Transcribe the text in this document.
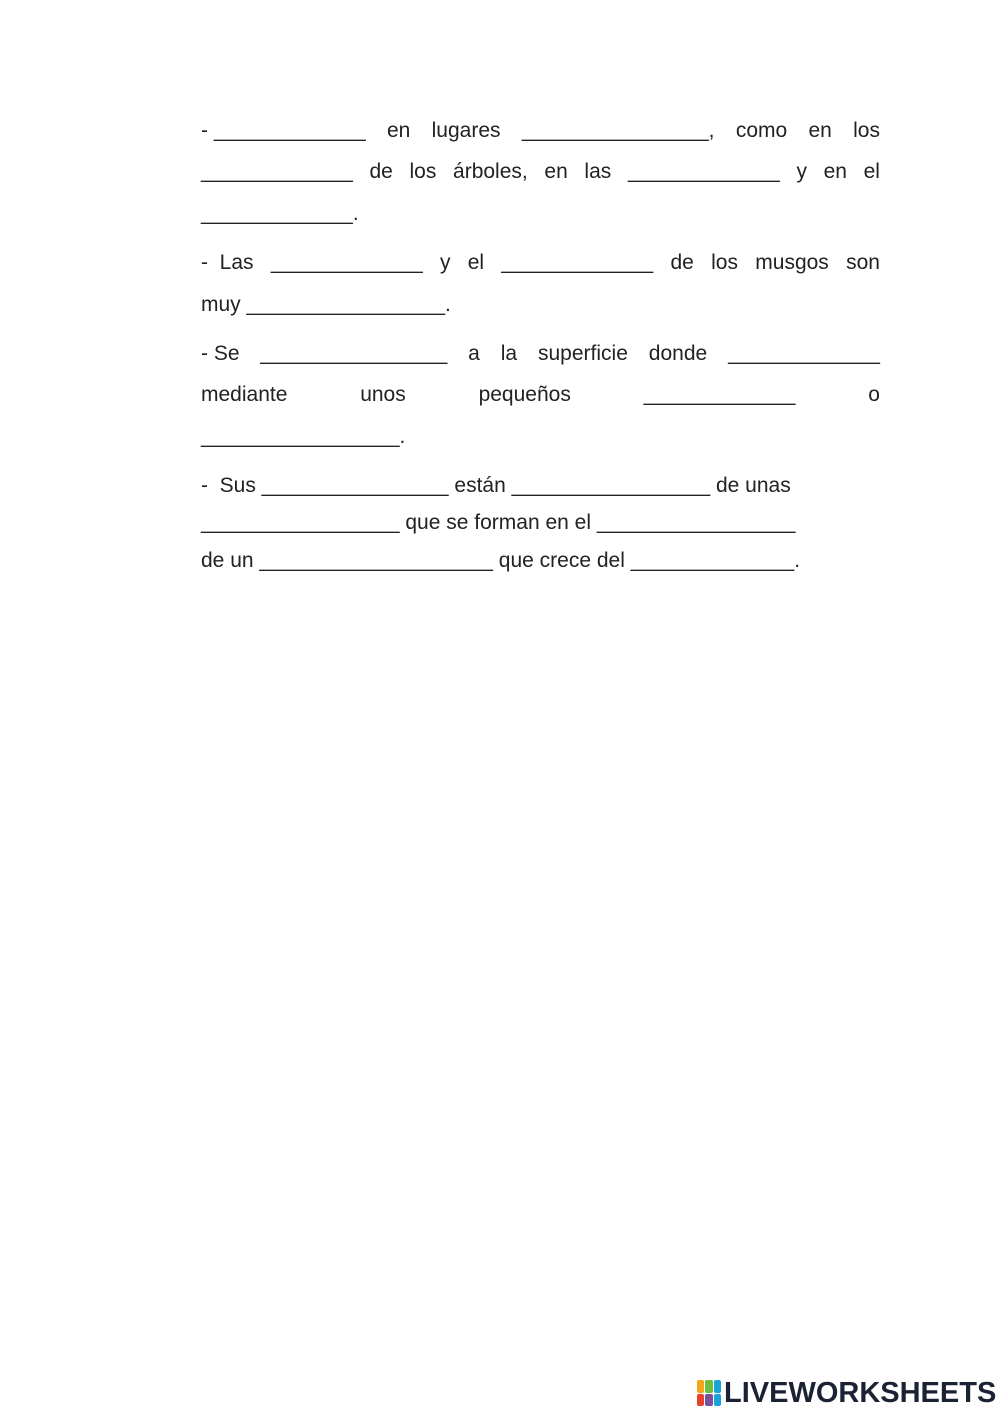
- _____________ en lugares ________________, como en los
_____________ de los árboles, en las _____________ y en el
_____________.
-  Las _____________ y el _____________ de los musgos son
muy _________________.
- Se ________________ a la superficie donde _____________
mediante	unos	pequeños	_____________	o
_________________.
-  Sus ________________ están _________________ de unas
_________________ que se forman en el _________________
de un ____________________ que crece del ______________.
LIVEWORKSHEETS
